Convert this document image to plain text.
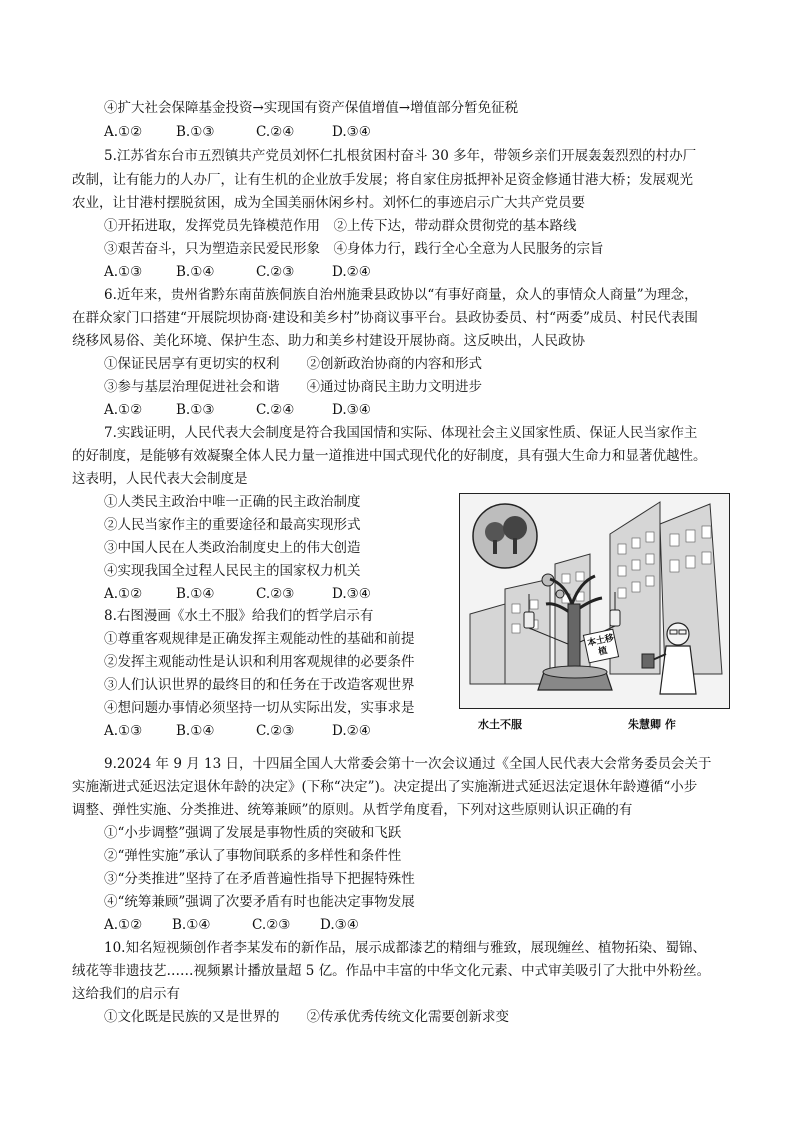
④扩大社会保障基金投资→实现国有资产保值增值→增值部分暂免征税
A.①②	B.①③	C.②④	D.③④
5.江苏省东台市五烈镇共产党员刘怀仁扎根贫困村奋斗 30 多年，带领乡亲们开展轰轰烈烈的村办厂
改制，让有能力的人办厂，让有生机的企业放手发展；将自家住房抵押补足资金修通甘港大桥；发展观光
农业，让甘港村摆脱贫困，成为全国美丽休闲乡村。刘怀仁的事迹启示广大共产党员要
①开拓进取，发挥党员先锋模范作用　②上传下达，带动群众贯彻党的基本路线
③艰苦奋斗，只为塑造亲民爱民形象　④身体力行，践行全心全意为人民服务的宗旨
A.①③	B.①④	C.②③	D.②④
6.近年来，贵州省黔东南苗族侗族自治州施秉县政协以“有事好商量，众人的事情众人商量”为理念，
在群众家门口搭建“开展院坝协商·建设和美乡村”协商议事平台。县政协委员、村“两委”成员、村民代表围
绕移风易俗、美化环境、保护生态、助力和美乡村建设开展协商。这反映出，人民政协
①保证民居享有更切实的权利　　②创新政治协商的内容和形式
③参与基层治理促进社会和谐　　④通过协商民主助力文明进步
A.①②	B.①③	C.②④	D.③④
7.实践证明，人民代表大会制度是符合我国国情和实际、体现社会主义国家性质、保证人民当家作主
的好制度，是能够有效凝聚全体人民力量一道推进中国式现代化的好制度，具有强大生命力和显著优越性。
这表明，人民代表大会制度是
①人类民主政治中唯一正确的民主政治制度
②人民当家作主的重要途径和最高实现形式
③中国人民在人类政治制度史上的伟大创造
④实现我国全过程人民民主的国家权力机关
A.①②	B.①④	C.②③	D.③④
8.右图漫画《水土不服》给我们的哲学启示有
①尊重客观规律是正确发挥主观能动性的基础和前提
②发挥主观能动性是认识和利用客观规律的必要条件
③人们认识世界的最终目的和任务在于改造客观世界
④想问题办事情必须坚持一切从实际出发，实事求是
A.①③	B.①④	C.②③	D.②④
本土移植
水土不服	朱慧卿 作
9.2024 年 9 月 13 日，十四届全国人大常委会第十一次会议通过《全国人民代表大会常务委员会关于
实施渐进式延迟法定退休年龄的决定》(下称“决定”)。决定提出了实施渐进式延迟法定退休年龄遵循“小步
调整、弹性实施、分类推进、统筹兼顾”的原则。从哲学角度看，下列对这些原则认识正确的有
①“小步调整”强调了发展是事物性质的突破和飞跃
②“弹性实施”承认了事物间联系的多样性和条件性
③“分类推进”坚持了在矛盾普遍性指导下把握特殊性
④“统筹兼顾”强调了次要矛盾有时也能决定事物发展
A.①② B.①④	C.②③ D.③④
10.知名短视频创作者李某发布的新作品，展示成都漆艺的精细与雅致，展现缠丝、植物拓染、蜀锦、
绒花等非遗技艺……视频累计播放量超 5 亿。作品中丰富的中华文化元素、中式审美吸引了大批中外粉丝。
这给我们的启示有
①文化既是民族的又是世界的　　②传承优秀传统文化需要创新求变
